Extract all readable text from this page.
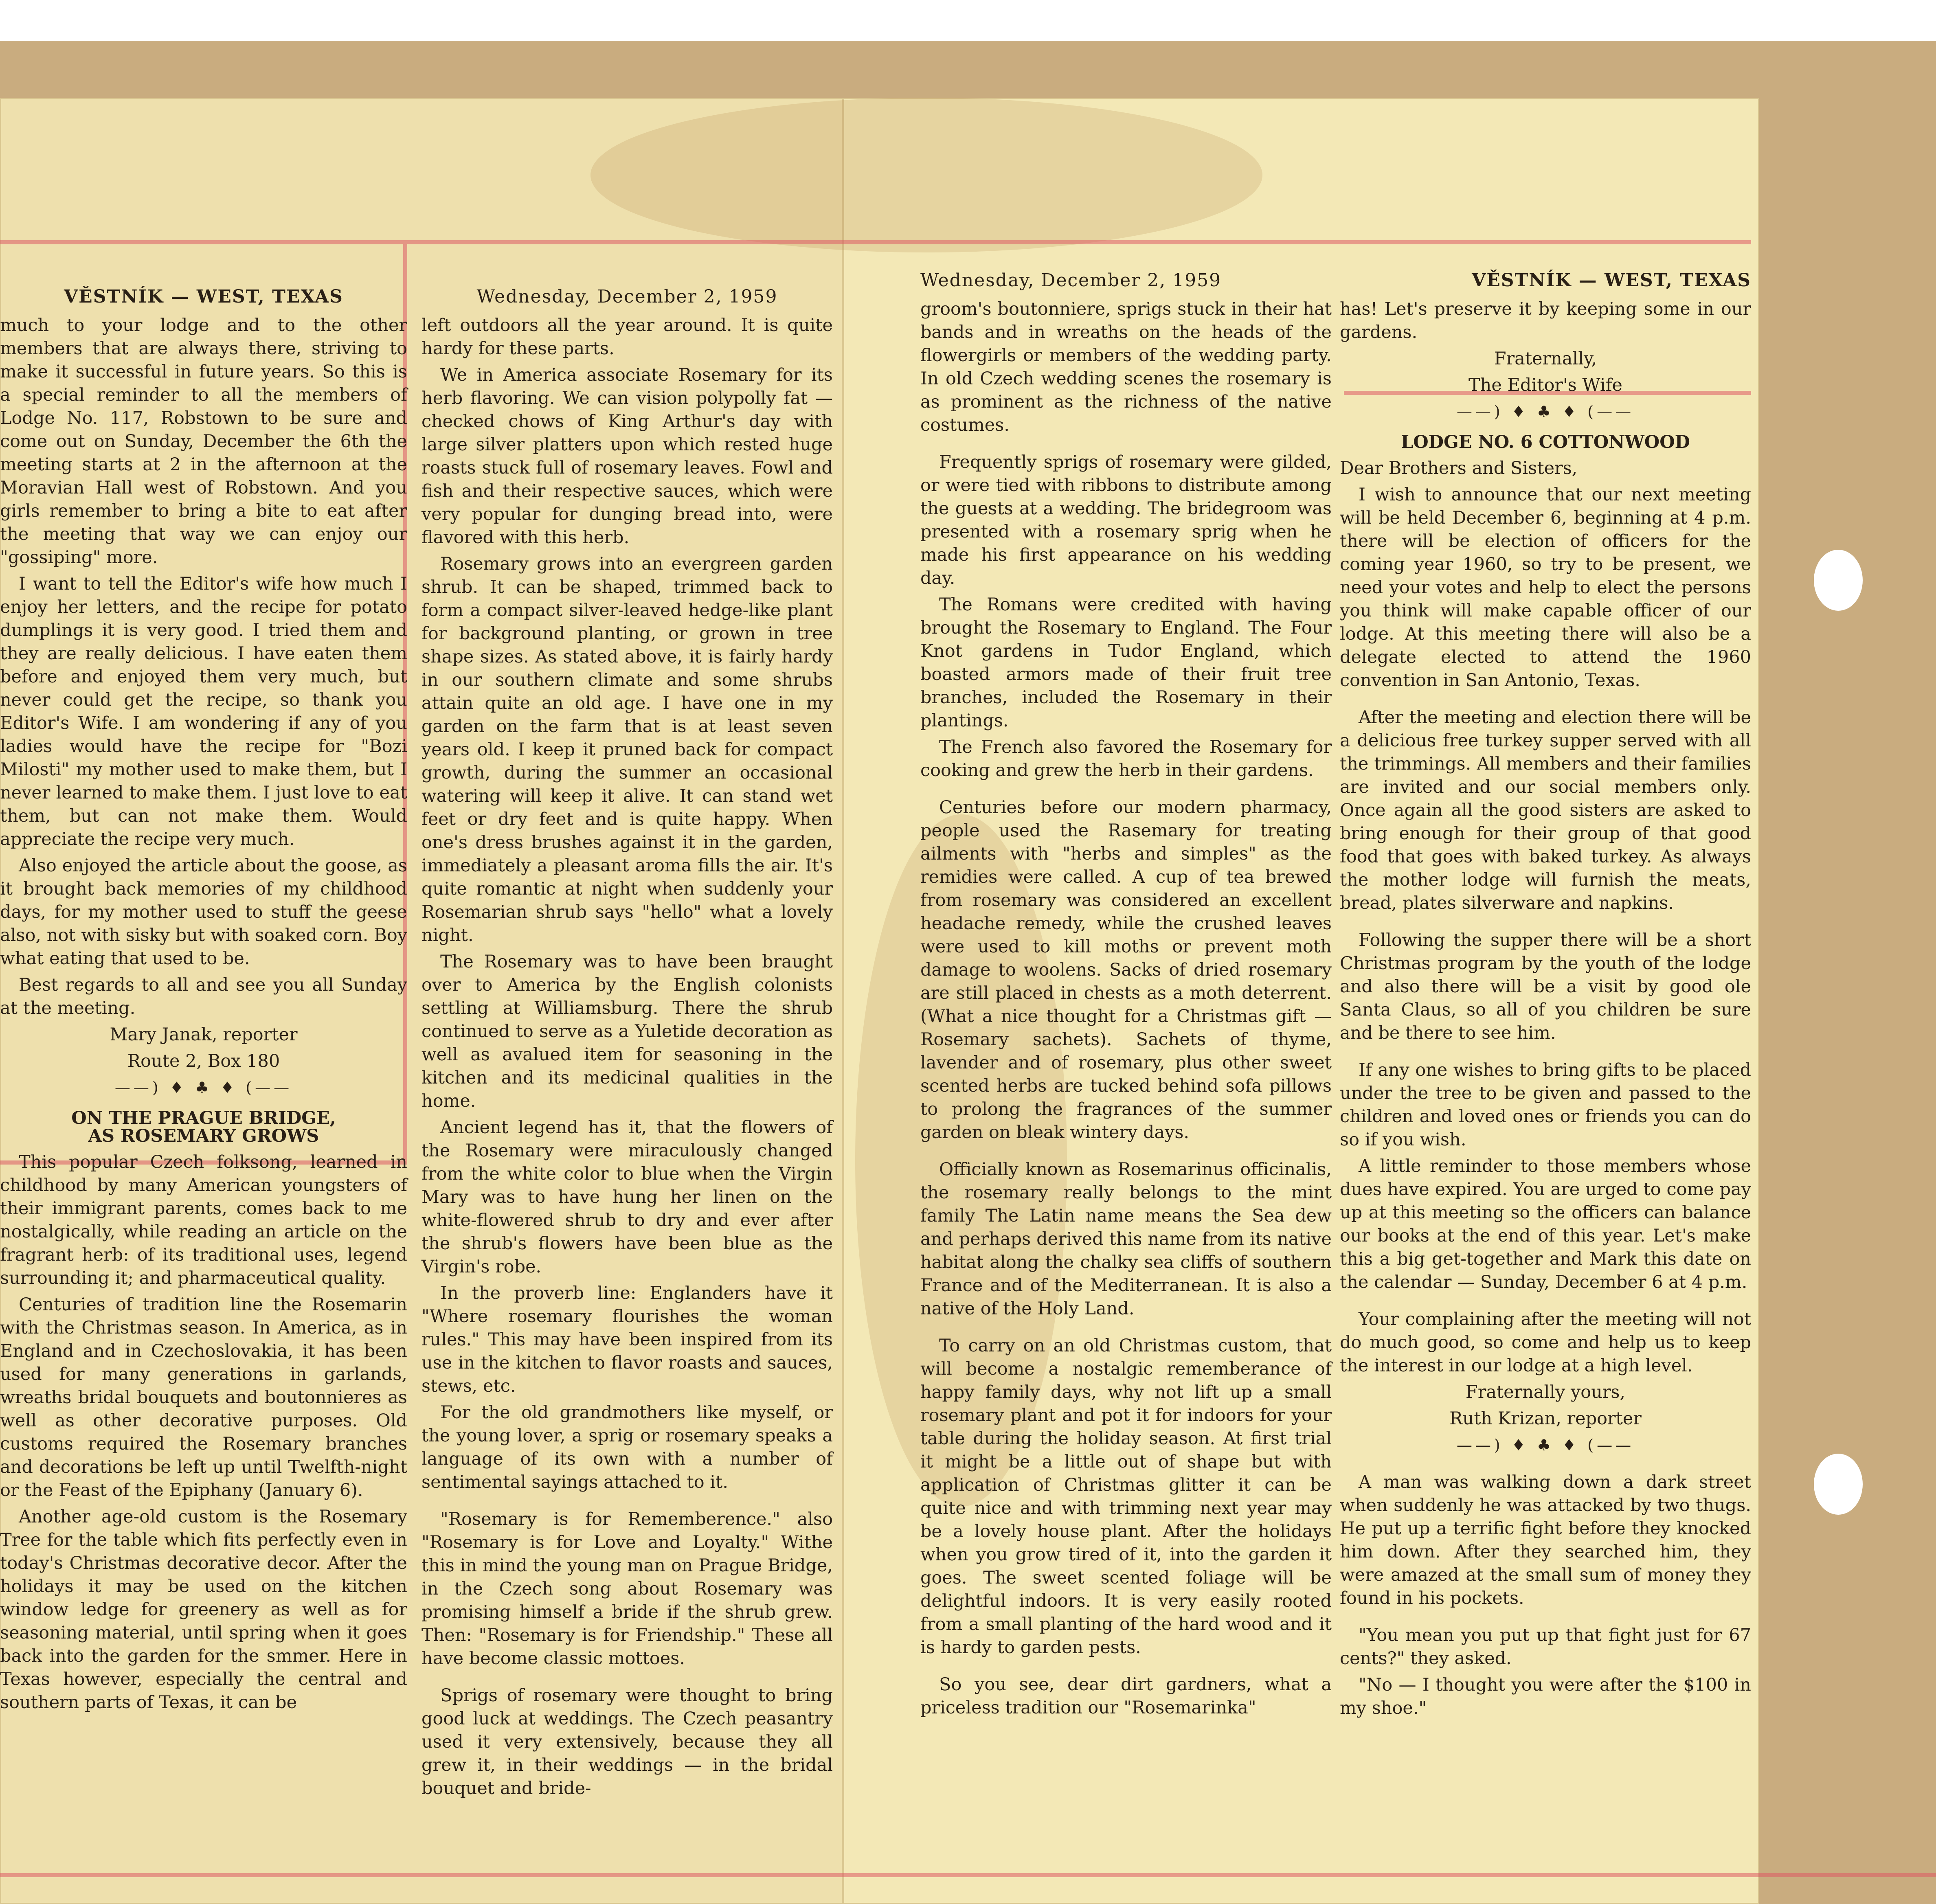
VĚSTNÍK — WEST, TEXAS

much to your lodge and to the other members that are always there, striving to make it successful in future years. So this is a special reminder to all the members of Lodge No. 117, Robstown to be sure and come out on Sunday, December the 6th the meeting starts at 2 in the afternoon at the Moravian Hall west of Robstown. And you girls remember to bring a bite to eat after the meeting that way we can enjoy our "gossiping" more.

I want to tell the Editor's wife how much I enjoy her letters, and the recipe for potato dumplings it is very good. I tried them and they are really delicious. I have eaten them before and enjoyed them very much, but never could get the recipe, so thank you Editor's Wife. I am wondering if any of you ladies would have the recipe for "Bozi Milosti" my mother used to make them, but I never learned to make them. I just love to eat them, but can not make them. Would appreciate the recipe very much.

Also enjoyed the article about the goose, as it brought back memories of my childhood days, for my mother used to stuff the geese also, not with sisky but with soaked corn. Boy what eating that used to be.

Best regards to all and see you all Sunday at the meeting.

Mary Janak, reporter

Route 2, Box 180

——) ♦ ♣ ♦ (——

ON THE PRAGUE BRIDGE,

AS ROSEMARY GROWS

This popular Czech folksong, learned in childhood by many American youngsters of their immigrant parents, comes back to me nostalgically, while reading an article on the fragrant herb: of its traditional uses, legend surrounding it; and pharmaceutical quality.

Centuries of tradition line the Rosemarin with the Christmas season. In America, as in England and in Czechoslovakia, it has been used for many generations in garlands, wreaths bridal bouquets and boutonnieres as well as other decorative purposes. Old customs required the Rosemary branches and decorations be left up until Twelfth-night or the Feast of the Epiphany (January 6).

Another age-old custom is the Rosemary Tree for the table which fits perfectly even in today's Christmas decorative decor. After the holidays it may be used on the kitchen window ledge for greenery as well as for seasoning material, until spring when it goes back into the garden for the smmer. Here in Texas however, especially the central and southern parts of Texas, it can be

Wednesday, December 2, 1959

left outdoors all the year around. It is quite hardy for these parts.

We in America associate Rosemary for its herb flavoring. We can vision polypolly fat — checked chows of King Arthur's day with large silver platters upon which rested huge roasts stuck full of rosemary leaves. Fowl and fish and their respective sauces, which were very popular for dunging bread into, were flavored with this herb.

Rosemary grows into an evergreen garden shrub. It can be shaped, trimmed back to form a compact silver-leaved hedge-like plant for background planting, or grown in tree shape sizes. As stated above, it is fairly hardy in our southern climate and some shrubs attain quite an old age. I have one in my garden on the farm that is at least seven years old. I keep it pruned back for compact growth, during the summer an occasional watering will keep it alive. It can stand wet feet or dry feet and is quite happy. When one's dress brushes against it in the garden, immediately a pleasant aroma fills the air. It's quite romantic at night when suddenly your Rosemarian shrub says "hello" what a lovely night.

The Rosemary was to have been braught over to America by the English colonists settling at Williamsburg. There the shrub continued to serve as a Yuletide decoration as well as avalued item for seasoning in the kitchen and its medicinal qualities in the home.

Ancient legend has it, that the flowers of the Rosemary were miraculously changed from the white color to blue when the Virgin Mary was to have hung her linen on the white-flowered shrub to dry and ever after the shrub's flowers have been blue as the Virgin's robe.

In the proverb line: Englanders have it "Where rosemary flourishes the woman rules." This may have been inspired from its use in the kitchen to flavor roasts and sauces, stews, etc.

For the old grandmothers like myself, or the young lover, a sprig or rosemary speaks a language of its own with a number of sentimental sayings attached to it.

"Rosemary is for Rememberence." also "Rosemary is for Love and Loyalty." Withe this in mind the young man on Prague Bridge, in the Czech song about Rosemary was promising himself a bride if the shrub grew. Then: "Rosemary is for Friendship." These all have become classic mottoes.

Sprigs of rosemary were thought to bring good luck at weddings. The Czech peasantry used it very extensively, because they all grew it, in their weddings — in the bridal bouquet and bride-

Wednesday, December 2, 1959

groom's boutonniere, sprigs stuck in their hat bands and in wreaths on the heads of the flowergirls or members of the wedding party. In old Czech wedding scenes the rosemary is as prominent as the richness of the native costumes.

Frequently sprigs of rosemary were gilded, or were tied with ribbons to distribute among the guests at a wedding. The bridegroom was presented with a rosemary sprig when he made his first appearance on his wedding day.

The Romans were credited with having brought the Rosemary to England. The Four Knot gardens in Tudor England, which boasted armors made of their fruit tree branches, included the Rosemary in their plantings.

The French also favored the Rosemary for cooking and grew the herb in their gardens.

Centuries before our modern pharmacy, people used the Rasemary for treating ailments with "herbs and simples" as the remidies were called. A cup of tea brewed from rosemary was considered an excellent headache remedy, while the crushed leaves were used to kill moths or prevent moth damage to woolens. Sacks of dried rosemary are still placed in chests as a moth deterrent. (What a nice thought for a Christmas gift — Rosemary sachets). Sachets of thyme, lavender and of rosemary, plus other sweet scented herbs are tucked behind sofa pillows to prolong the fragrances of the summer garden on bleak wintery days.

Officially known as Rosemarinus officinalis, the rosemary really belongs to the mint family The Latin name means the Sea dew and perhaps derived this name from its native habitat along the chalky sea cliffs of southern France and of the Mediterranean. It is also a native of the Holy Land.

To carry on an old Christmas custom, that will become a nostalgic rememberance of happy family days, why not lift up a small rosemary plant and pot it for indoors for your table during the holiday season. At first trial it might be a little out of shape but with application of Christmas glitter it can be quite nice and with trimming next year may be a lovely house plant. After the holidays when you grow tired of it, into the garden it goes. The sweet scented foliage will be delightful indoors. It is very easily rooted from a small planting of the hard wood and it is hardy to garden pests.

So you see, dear dirt gardners, what a priceless tradition our "Rosemarinka"

VĚSTNÍK — WEST, TEXAS

has! Let's preserve it by keeping some in our gardens.

Fraternally,

The Editor's Wife

——) ♦ ♣ ♦ (——

LODGE NO. 6 COTTONWOOD

Dear Brothers and Sisters,

I wish to announce that our next meeting will be held December 6, beginning at 4 p.m. there will be election of officers for the coming year 1960, so try to be present, we need your votes and help to elect the persons you think will make capable officer of our lodge. At this meeting there will also be a delegate elected to attend the 1960 convention in San Antonio, Texas.

After the meeting and election there will be a delicious free turkey supper served with all the trimmings. All members and their families are invited and our social members only. Once again all the good sisters are asked to bring enough for their group of that good food that goes with baked turkey. As always the mother lodge will furnish the meats, bread, plates silverware and napkins.

Following the supper there will be a short Christmas program by the youth of the lodge and also there will be a visit by good ole Santa Claus, so all of you children be sure and be there to see him.

If any one wishes to bring gifts to be placed under the tree to be given and passed to the children and loved ones or friends you can do so if you wish.

A little reminder to those members whose dues have expired. You are urged to come pay up at this meeting so the officers can balance our books at the end of this year. Let's make this a big get-together and Mark this date on the calendar — Sunday, December 6 at 4 p.m.

Your complaining after the meeting will not do much good, so come and help us to keep the interest in our lodge at a high level.

Fraternally yours,

Ruth Krizan, reporter

——) ♦ ♣ ♦ (——

A man was walking down a dark street when suddenly he was attacked by two thugs. He put up a terrific fight before they knocked him down. After they searched him, they were amazed at the small sum of money they found in his pockets.

"You mean you put up that fight just for 67 cents?" they asked.

"No — I thought you were after the $100 in my shoe."
